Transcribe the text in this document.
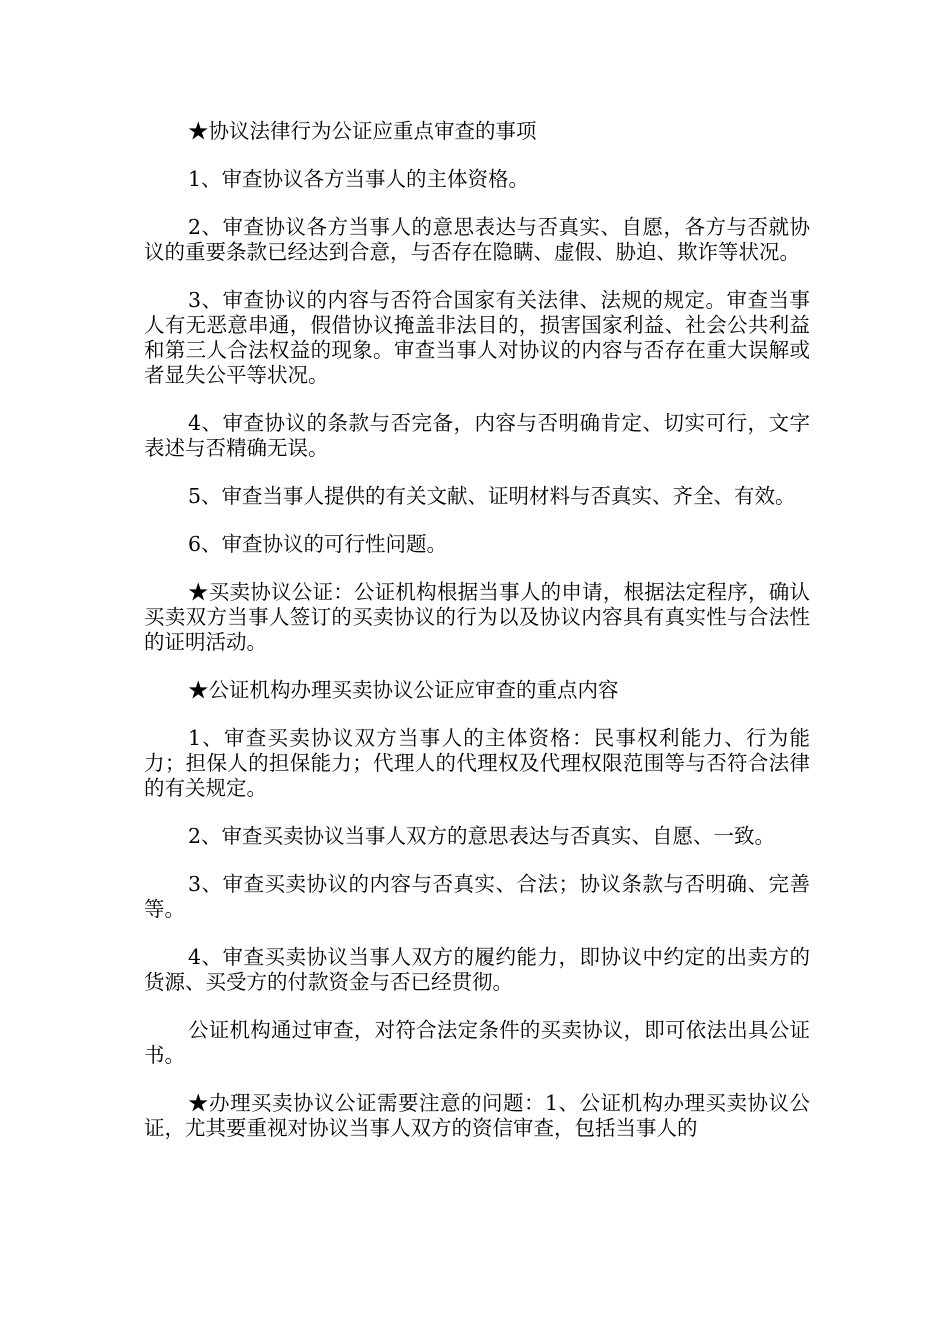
★协议法律行为公证应重点审查的事项

1、审查协议各方当事人的主体资格。

2、审查协议各方当事人的意思表达与否真实、自愿，各方与否就协议的重要条款已经达到合意，与否存在隐瞒、虚假、胁迫、欺诈等状况。

3、审查协议的内容与否符合国家有关法律、法规的规定。审查当事人有无恶意串通，假借协议掩盖非法目的，损害国家利益、社会公共利益和第三人合法权益的现象。审查当事人对协议的内容与否存在重大误解或者显失公平等状况。

4、审查协议的条款与否完备，内容与否明确肯定、切实可行，文字表述与否精确无误。

5、审查当事人提供的有关文献、证明材料与否真实、齐全、有效。

6、审查协议的可行性问题。

★买卖协议公证：公证机构根据当事人的申请，根据法定程序，确认买卖双方当事人签订的买卖协议的行为以及协议内容具有真实性与合法性的证明活动。

★公证机构办理买卖协议公证应审查的重点内容

1、审查买卖协议双方当事人的主体资格：民事权利能力、行为能力；担保人的担保能力；代理人的代理权及代理权限范围等与否符合法律的有关规定。

2、审查买卖协议当事人双方的意思表达与否真实、自愿、一致。

3、审查买卖协议的内容与否真实、合法；协议条款与否明确、完善等。

4、审查买卖协议当事人双方的履约能力，即协议中约定的出卖方的货源、买受方的付款资金与否已经贯彻。

公证机构通过审查，对符合法定条件的买卖协议，即可依法出具公证书。

★办理买卖协议公证需要注意的问题：1、公证机构办理买卖协议公证，尤其要重视对协议当事人双方的资信审查，包括当事人的
